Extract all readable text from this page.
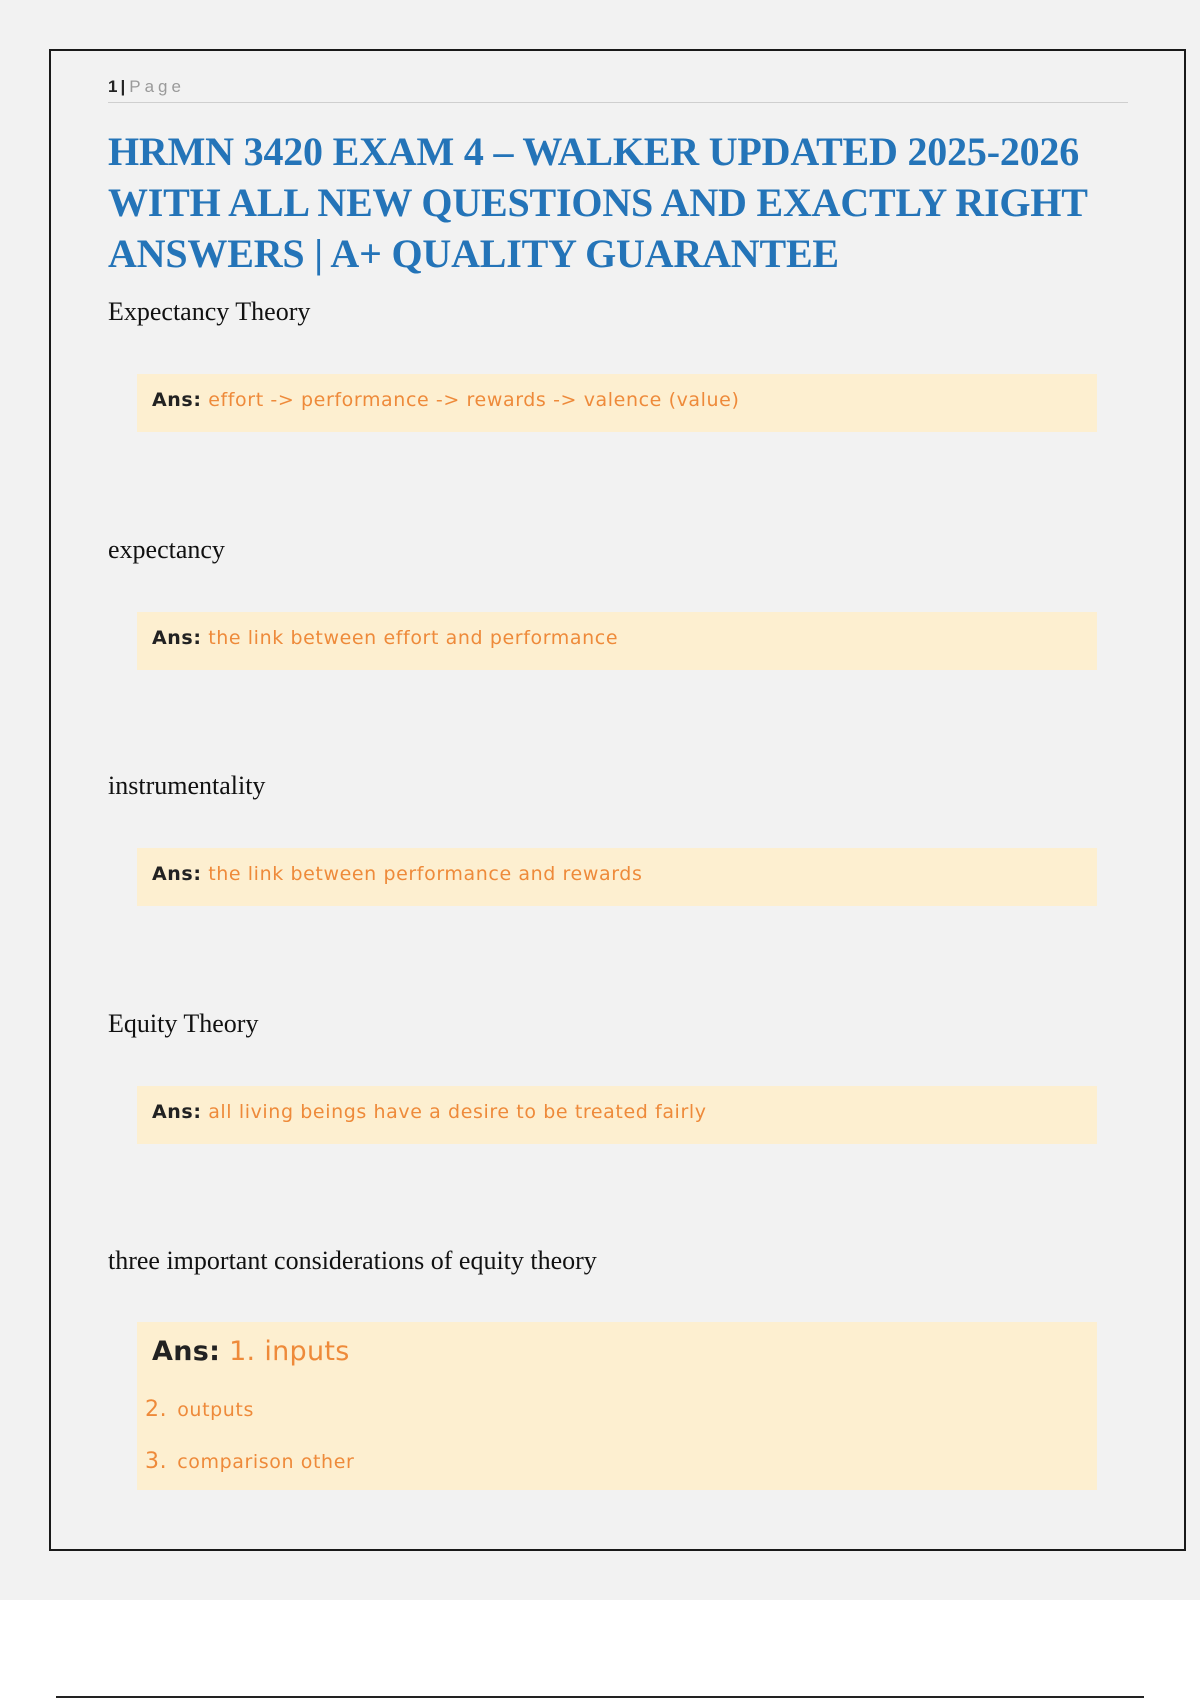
1 | Page
HRMN 3420 EXAM 4 – WALKER UPDATED 2025-2026 WITH ALL NEW QUESTIONS AND EXACTLY RIGHT ANSWERS | A+ QUALITY GUARANTEE

Expectancy Theory

Ans: effort -> performance -> rewards -> valence (value)

expectancy

Ans: the link between effort and performance

instrumentality

Ans: the link between performance and rewards

Equity Theory

Ans: all living beings have a desire to be treated fairly

three important considerations of equity theory

Ans: 1. inputs
2. outputs
3. comparison other
